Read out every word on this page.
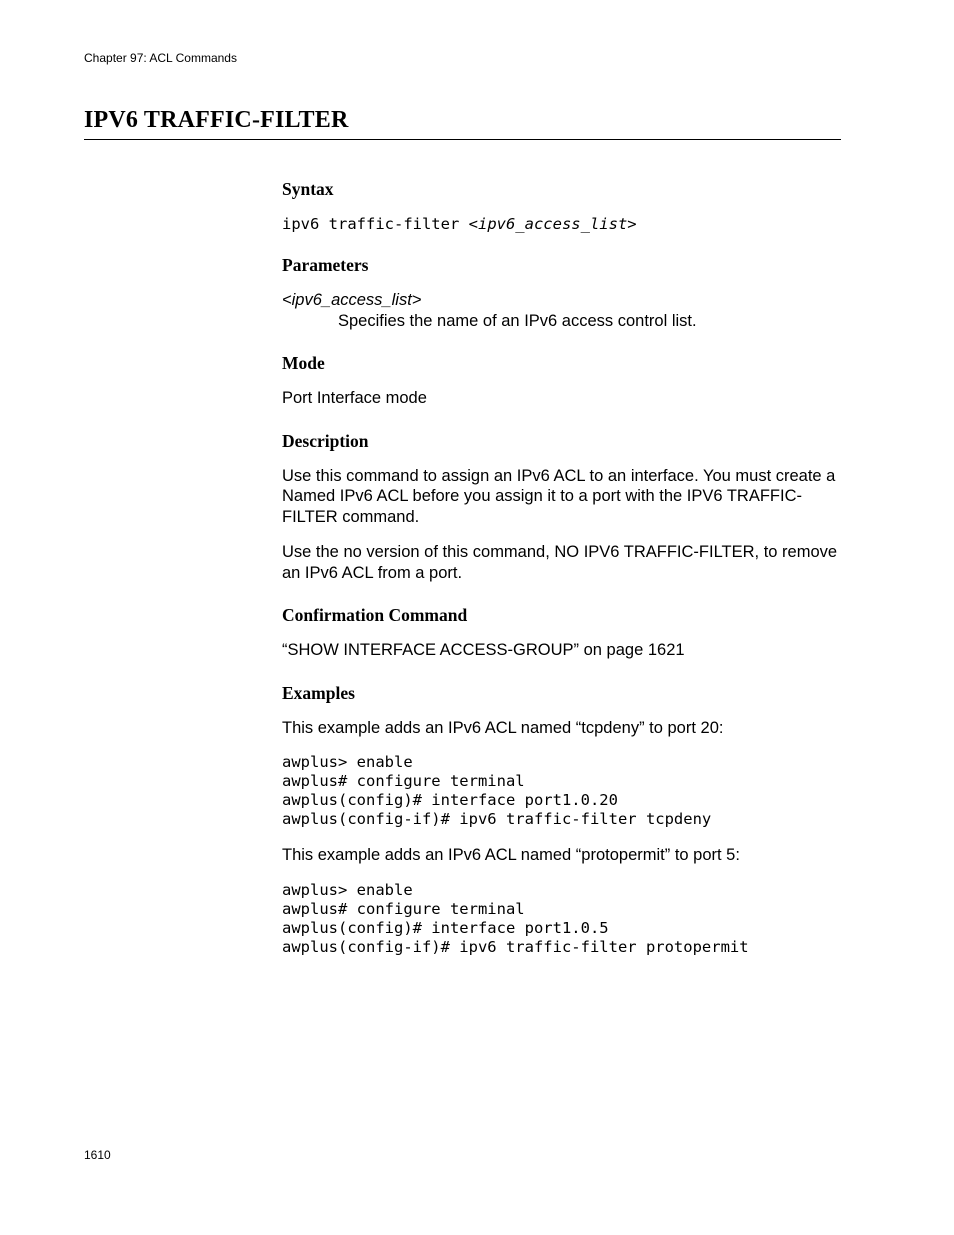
Chapter 97: ACL Commands
IPV6 TRAFFIC-FILTER
Syntax
ipv6 traffic-filter <ipv6_access_list>
Parameters
<ipv6_access_list>
Specifies the name of an IPv6 access control list.
Mode
Port Interface mode
Description

Use this command to assign an IPv6 ACL to an interface. You must create a Named IPv6 ACL before you assign it to a port with the IPV6 TRAFFIC-FILTER command.

Use the no version of this command, NO IPV6 TRAFFIC-FILTER, to remove an IPv6 ACL from a port.

Confirmation Command
“SHOW INTERFACE ACCESS-GROUP” on page 1621
Examples

This example adds an IPv6 ACL named “tcpdeny” to port 20:

awplus> enable
awplus# configure terminal
awplus(config)# interface port1.0.20
awplus(config-if)# ipv6 traffic-filter tcpdeny

This example adds an IPv6 ACL named “protopermit” to port 5:

awplus> enable
awplus# configure terminal
awplus(config)# interface port1.0.5
awplus(config-if)# ipv6 traffic-filter protopermit
1610
